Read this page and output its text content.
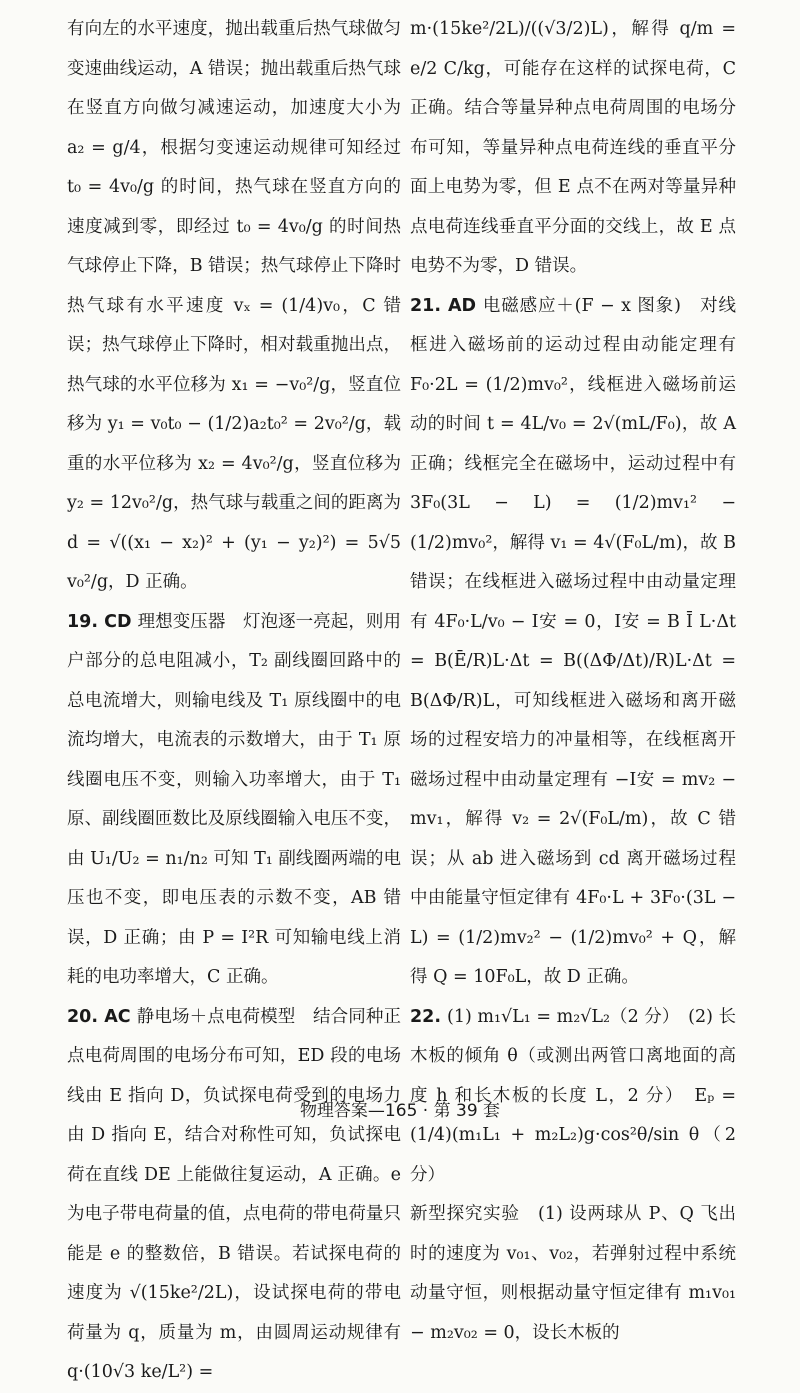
有向左的水平速度，抛出载重后热气球做匀变速曲线运动，A 错误；抛出载重后热气球在竖直方向做匀减速运动，加速度大小为 a₂ = g/4，根据匀变速运动规律可知经过 t₀ = 4v₀/g 的时间，热气球在竖直方向的速度减到零，即经过 t₀ = 4v₀/g 的时间热气球停止下降，B 错误；热气球停止下降时热气球有水平速度 vₓ = (1/4)v₀，C 错误；热气球停止下降时，相对载重抛出点，热气球的水平位移为 x₁ = −v₀²/g，竖直位移为 y₁ = v₀t₀ − (1/2)a₂t₀² = 2v₀²/g，载重的水平位移为 x₂ = 4v₀²/g，竖直位移为 y₂ = 12v₀²/g，热气球与载重之间的距离为 d = √((x₁ − x₂)² + (y₁ − y₂)²) = 5√5 v₀²/g，D 正确。

19. CD 理想变压器　灯泡逐一亮起，则用户部分的总电阻减小，T₂ 副线圈回路中的总电流增大，则输电线及 T₁ 原线圈中的电流均增大，电流表的示数增大，由于 T₁ 原线圈电压不变，则输入功率增大，由于 T₁ 原、副线圈匝数比及原线圈输入电压不变，由 U₁/U₂ = n₁/n₂ 可知 T₁ 副线圈两端的电压也不变，即电压表的示数不变，AB 错误，D 正确；由 P = I²R 可知输电线上消耗的电功率增大，C 正确。

20. AC 静电场＋点电荷模型　结合同种正点电荷周围的电场分布可知，ED 段的电场线由 E 指向 D，负试探电荷受到的电场力由 D 指向 E，结合对称性可知，负试探电荷在直线 DE 上能做往复运动，A 正确。e 为电子带电荷量的值，点电荷的带电荷量只能是 e 的整数倍，B 错误。若试探电荷的速度为 √(15ke²/2L)，设试探电荷的带电荷量为 q，质量为 m，由圆周运动规律有 q·(10√3 ke/L²) =

m·(15ke²/2L)/((√3/2)L)，解得 q/m = e/2 C/kg，可能存在这样的试探电荷，C 正确。结合等量异种点电荷周围的电场分布可知，等量异种点电荷连线的垂直平分面上电势为零，但 E 点不在两对等量异种点电荷连线垂直平分面的交线上，故 E 点电势不为零，D 错误。

21. AD 电磁感应＋(F − x 图象)　对线框进入磁场前的运动过程由动能定理有 F₀·2L = (1/2)mv₀²，线框进入磁场前运动的时间 t = 4L/v₀ = 2√(mL/F₀)，故 A 正确；线框完全在磁场中，运动过程中有 3F₀(3L − L) = (1/2)mv₁² − (1/2)mv₀²，解得 v₁ = 4√(F₀L/m)，故 B 错误；在线框进入磁场过程中由动量定理有 4F₀·L/v₀ − I安 = 0，I安 = B Ī L·Δt = B(Ē/R)L·Δt = B((ΔΦ/Δt)/R)L·Δt = B(ΔΦ/R)L，可知线框进入磁场和离开磁场的过程安培力的冲量相等，在线框离开磁场过程中由动量定理有 −I安 = mv₂ − mv₁，解得 v₂ = 2√(F₀L/m)，故 C 错误；从 ab 进入磁场到 cd 离开磁场过程中由能量守恒定律有 4F₀·L + 3F₀·(3L − L) = (1/2)mv₂² − (1/2)mv₀² + Q，解得 Q = 10F₀L，故 D 正确。

22. (1) m₁√L₁ = m₂√L₂（2 分）　(2) 长木板的倾角 θ（或测出两管口离地面的高度 h 和长木板的长度 L，2 分）　Eₚ = (1/4)(m₁L₁ + m₂L₂)g·cos²θ/sin θ（2 分）

新型探究实验　(1) 设两球从 P、Q 飞出时的速度为 v₀₁、v₀₂，若弹射过程中系统动量守恒，则根据动量守恒定律有 m₁v₀₁ − m₂v₀₂ = 0，设长木板的

物理答案—165 · 第 39 套
